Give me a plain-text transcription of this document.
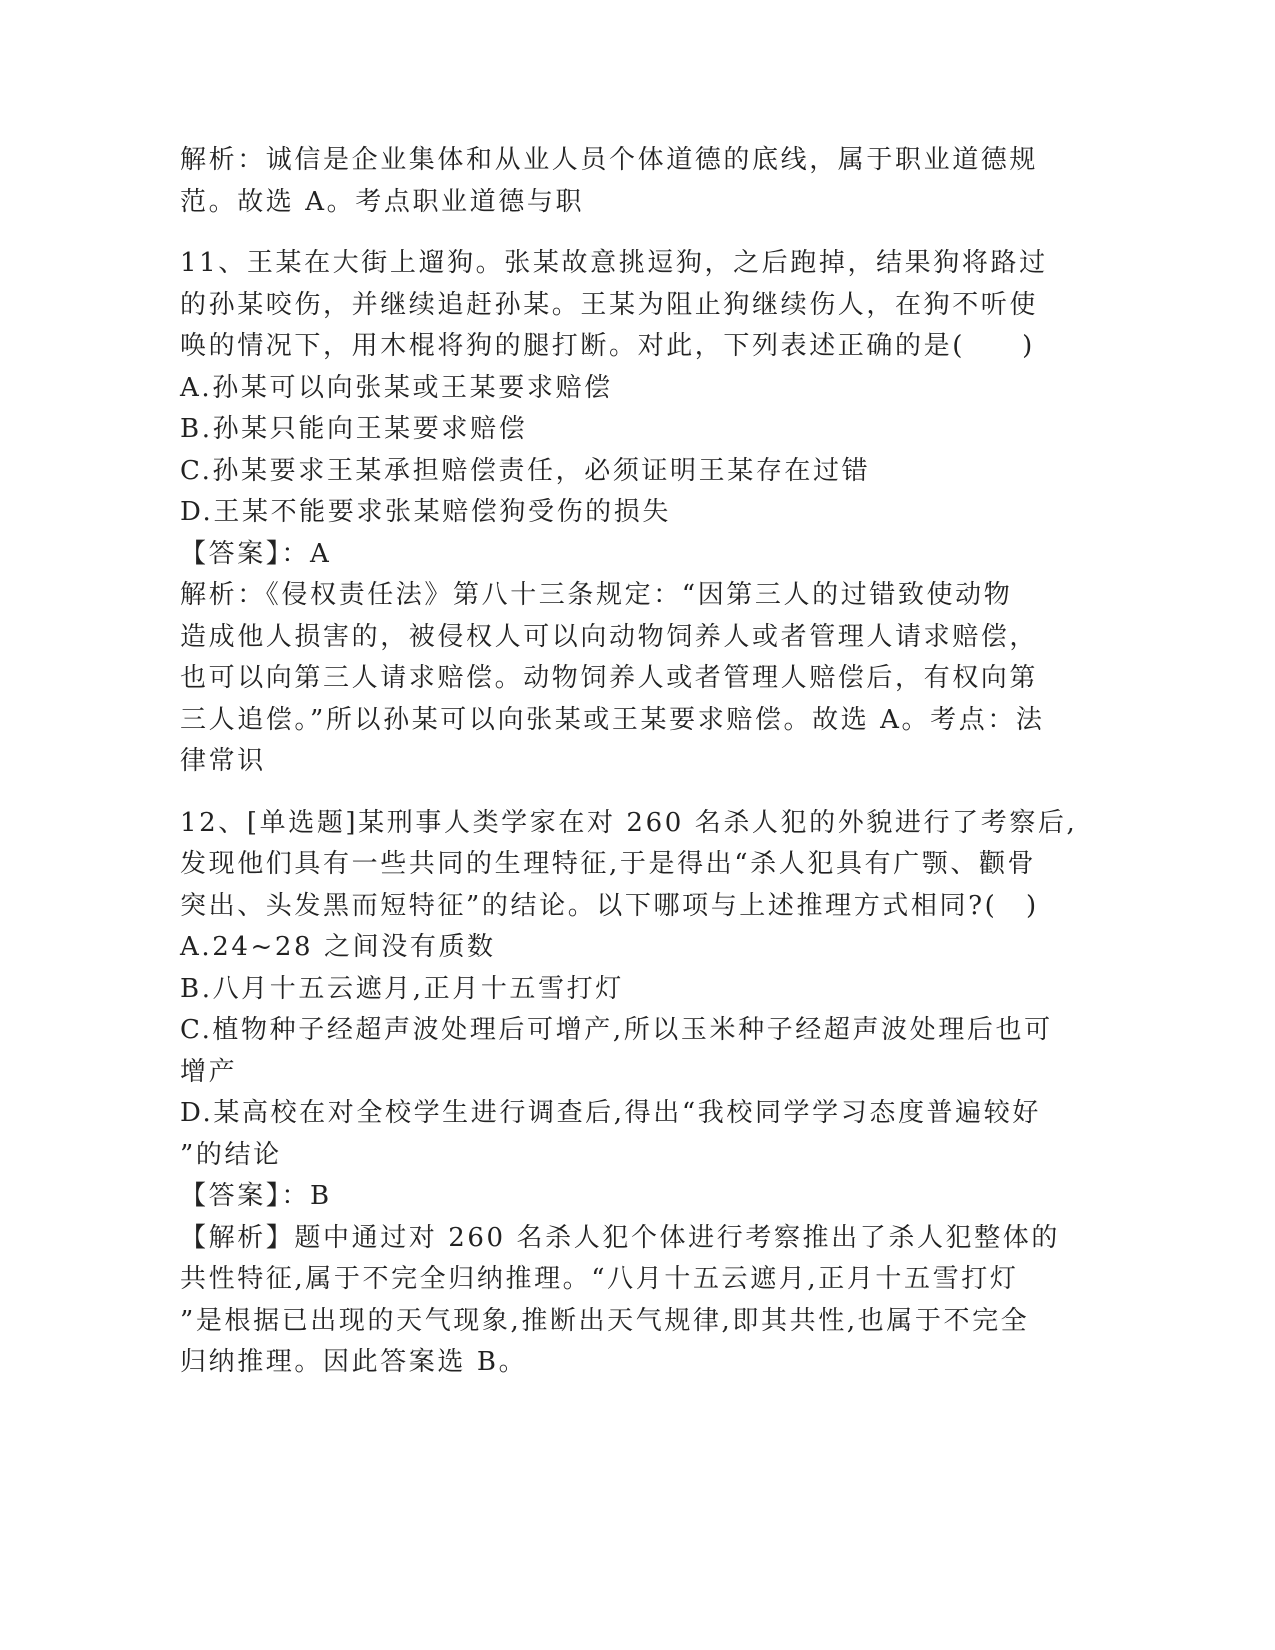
解析：诚信是企业集体和从业人员个体道德的底线，属于职业道德规
范。故选 A。考点职业道德与职
11、王某在大街上遛狗。张某故意挑逗狗，之后跑掉，结果狗将路过
的孙某咬伤，并继续追赶孙某。王某为阻止狗继续伤人，在狗不听使
唤的情况下，用木棍将狗的腿打断。对此，下列表述正确的是(　　)
A.孙某可以向张某或王某要求赔偿
B.孙某只能向王某要求赔偿
C.孙某要求王某承担赔偿责任，必须证明王某存在过错
D.王某不能要求张某赔偿狗受伤的损失
【答案】：A
解析：《侵权责任法》第八十三条规定：“因第三人的过错致使动物
造成他人损害的，被侵权人可以向动物饲养人或者管理人请求赔偿，
也可以向第三人请求赔偿。动物饲养人或者管理人赔偿后，有权向第
三人追偿。”所以孙某可以向张某或王某要求赔偿。故选 A。考点：法
律常识
12、[单选题]某刑事人类学家在对 260 名杀人犯的外貌进行了考察后,
发现他们具有一些共同的生理特征,于是得出“杀人犯具有广颚、颧骨
突出、头发黑而短特征”的结论。以下哪项与上述推理方式相同?(　)
A.24~28 之间没有质数
B.八月十五云遮月,正月十五雪打灯
C.植物种子经超声波处理后可增产,所以玉米种子经超声波处理后也可
增产
D.某高校在对全校学生进行调查后,得出“我校同学学习态度普遍较好
”的结论
【答案】：B
【解析】题中通过对 260 名杀人犯个体进行考察推出了杀人犯整体的
共性特征,属于不完全归纳推理。“八月十五云遮月,正月十五雪打灯
”是根据已出现的天气现象,推断出天气规律,即其共性,也属于不完全
归纳推理。因此答案选 B。
